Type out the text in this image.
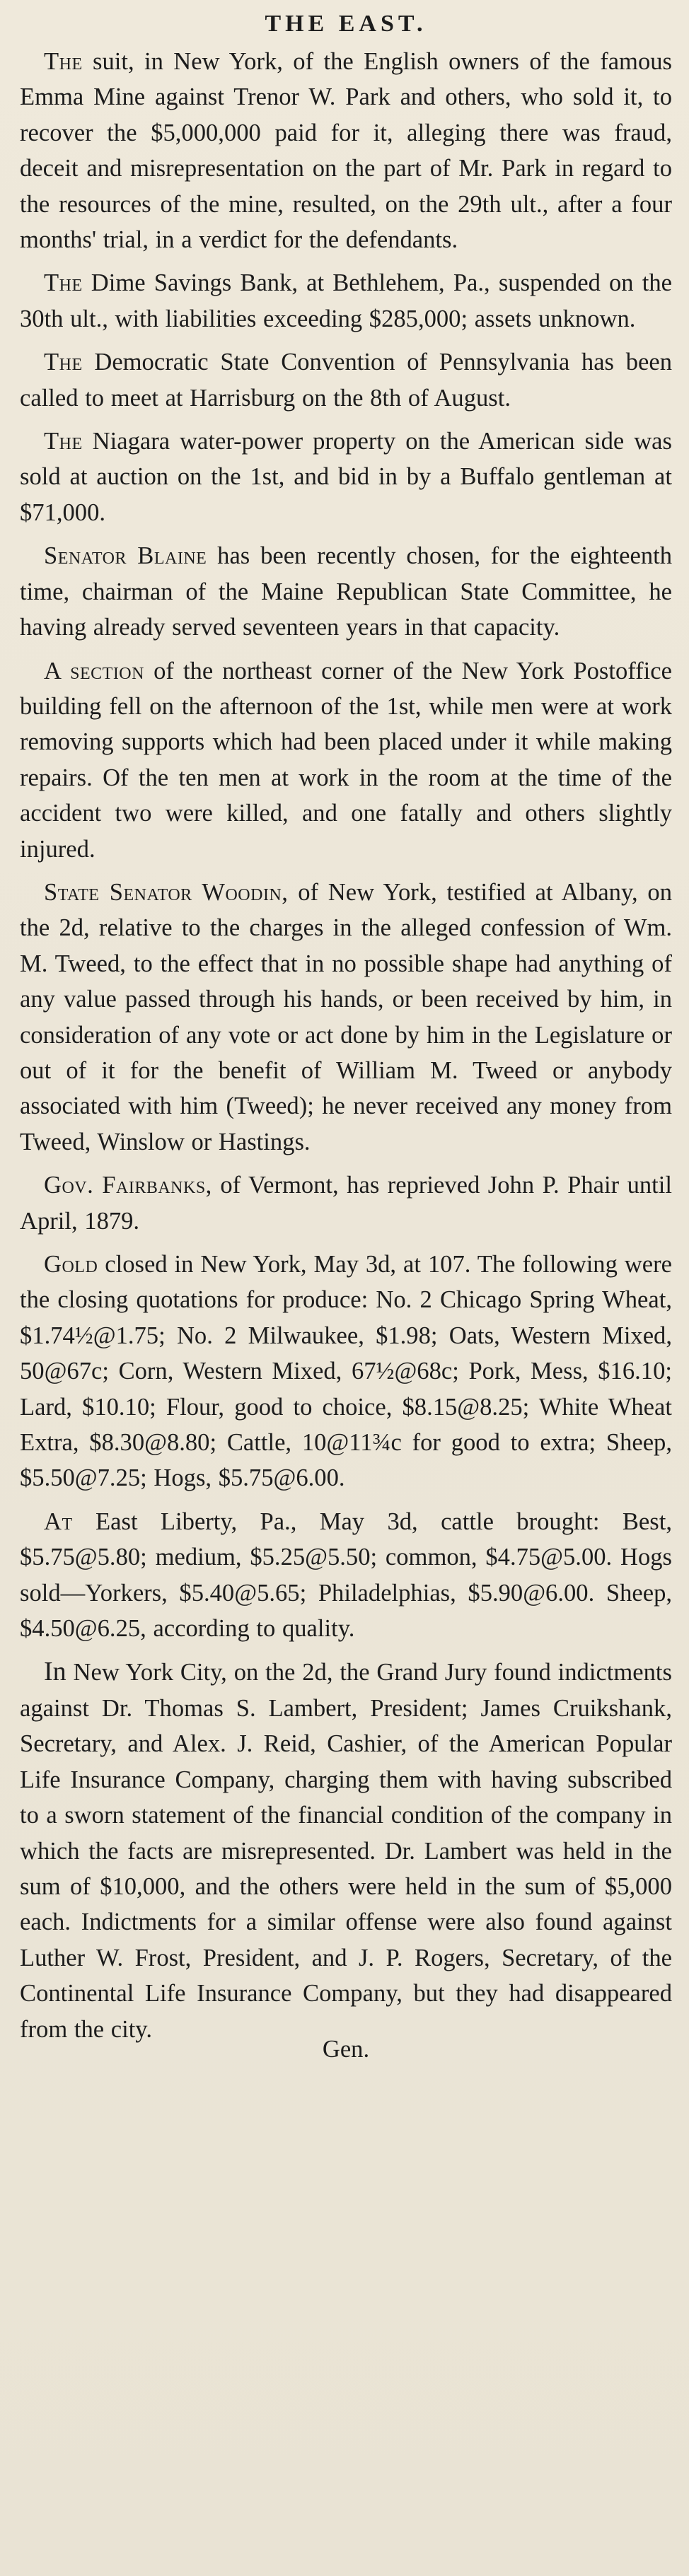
THE EAST.

The suit, in New York, of the English owners of the famous Emma Mine against Trenor W. Park and others, who sold it, to recover the $5,000,000 paid for it, alleging there was fraud, deceit and misrepresentation on the part of Mr. Park in regard to the resources of the mine, resulted, on the 29th ult., after a four months' trial, in a verdict for the defendants.

The Dime Savings Bank, at Bethlehem, Pa., suspended on the 30th ult., with liabilities exceeding $285,000; assets unknown.

The Democratic State Convention of Pennsylvania has been called to meet at Harrisburg on the 8th of August.

The Niagara water-power property on the American side was sold at auction on the 1st, and bid in by a Buffalo gentleman at $71,000.

Senator Blaine has been recently chosen, for the eighteenth time, chairman of the Maine Republican State Committee, he having already served seventeen years in that capacity.

A section of the northeast corner of the New York Postoffice building fell on the afternoon of the 1st, while men were at work removing supports which had been placed under it while making repairs. Of the ten men at work in the room at the time of the accident two were killed, and one fatally and others slightly injured.

State Senator Woodin, of New York, testified at Albany, on the 2d, relative to the charges in the alleged confession of Wm. M. Tweed, to the effect that in no possible shape had anything of any value passed through his hands, or been received by him, in consideration of any vote or act done by him in the Legislature or out of it for the benefit of William M. Tweed or anybody associated with him (Tweed); he never received any money from Tweed, Winslow or Hastings.

Gov. Fairbanks, of Vermont, has reprieved John P. Phair until April, 1879.

Gold closed in New York, May 3d, at 107. The following were the closing quotations for produce: No. 2 Chicago Spring Wheat, $1.74½@1.75; No. 2 Milwaukee, $1.98; Oats, Western Mixed, 50@67c; Corn, Western Mixed, 67½@68c; Pork, Mess, $16.10; Lard, $10.10; Flour, good to choice, $8.15@8.25; White Wheat Extra, $8.30@8.80; Cattle, 10@11¾c for good to extra; Sheep, $5.50@7.25; Hogs, $5.75@6.00.

At East Liberty, Pa., May 3d, cattle brought: Best, $5.75@5.80; medium, $5.25@5.50; common, $4.75@5.00. Hogs sold—Yorkers, $5.40@5.65; Philadelphias, $5.90@6.00. Sheep, $4.50@6.25, according to quality.

In New York City, on the 2d, the Grand Jury found indictments against Dr. Thomas S. Lambert, President; James Cruikshank, Secretary, and Alex. J. Reid, Cashier, of the American Popular Life Insurance Company, charging them with having subscribed to a sworn statement of the financial condition of the company in which the facts are misrepresented. Dr. Lambert was held in the sum of $10,000, and the others were held in the sum of $5,000 each. Indictments for a similar offense were also found against Luther W. Frost, President, and J. P. Rogers, Secretary, of the Continental Life Insurance Company, but they had disappeared from the city.

Gen.
